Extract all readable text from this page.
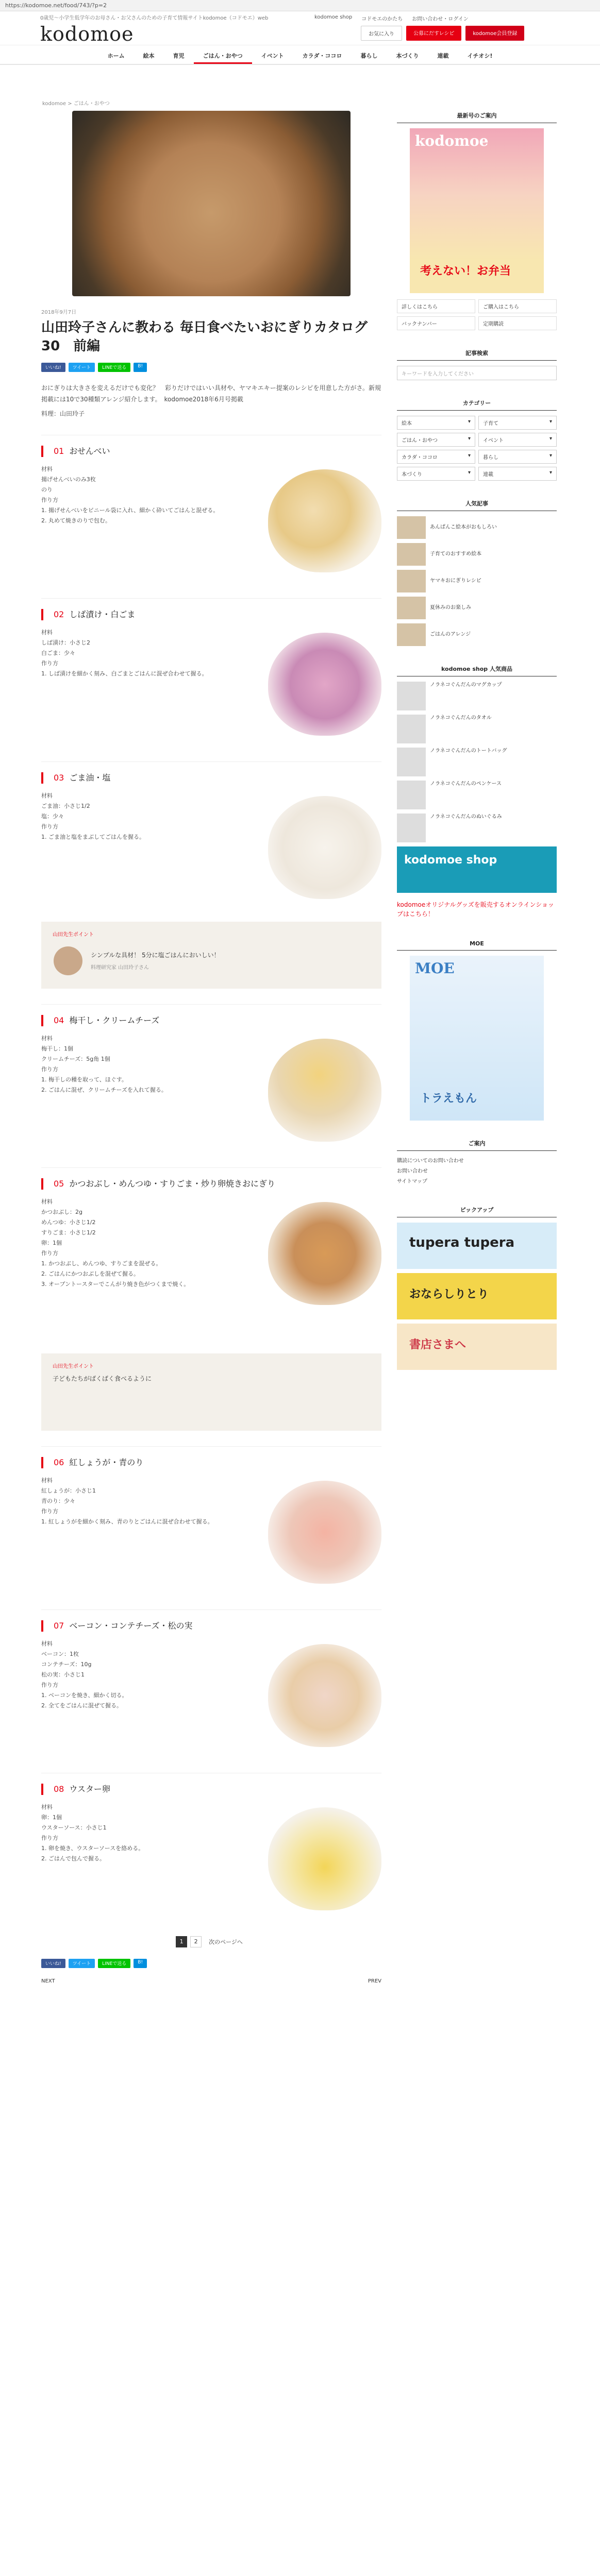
https://kodomoe.net/food/743/?p=2
0歳児〜小学生低学年のお母さん・お父さんのための子育て情報サイトkodomoe（コドモエ）web
kodomoe
kodomoe shop コドモエのかたち お問い合わせ・ログイン
お気に入り	公募にだすレシピ	kodomoe会員登録
ホーム	絵本	育児	ごはん・おやつ	イベント	カラダ・ココロ	暮らし	本づくり	連載	イチオシ!
kodomoe > ごはん・おやつ
2018年9月7日
山田玲子さんに教わる 毎日食べたいおにぎりカタログ30　前編
いいね!	ツイート	LINEで送る	B!

おにぎりは大きさを変えるだけでも変化？　彩りだけではいい具材や、ヤマキエキー提案のレシピを用意した方がさ。新規掲載には10で30種類アレンジ紹介します。　kodomoe2018年6月号掲載

料理：山田玲子

01 おせんべい
材料
揚げせんべいのみ3枚
のり
作り方
1. 揚げせんべいをビニール袋に入れ、細かく砕いてごはんと混ぜる。
2. 丸めて焼きのりで包む。
02 しば漬け・白ごま
材料
しば漬け：小さじ2
白ごま：少々
作り方
1. しば漬けを細かく刻み、白ごまとごはんに混ぜ合わせて握る。
03 ごま油・塩
材料
ごま油：小さじ1/2
塩：少々
作り方
1. ごま油と塩をまぶしてごはんを握る。
山田先生ポイント
シンプルな具材！ 5分に塩ごはんにおいしい！
料理研究家 山田玲子さん
04 梅干し・クリームチーズ
材料
梅干し：1個
クリームチーズ：5g角 1個
作り方
1. 梅干しの種を取って、ほぐす。
2. ごはんに混ぜ、クリームチーズを入れて握る。
05 かつおぶし・めんつゆ・すりごま・炒り卵焼きおにぎり
材料
かつおぶし：2g
めんつゆ：小さじ1/2
すりごま：小さじ1/2
卵：1個
作り方
1. かつおぶし、めんつゆ、すりごまを混ぜる。
2. ごはんにかつおぶしを混ぜて握る。
3. オーブントースターでこんがり焼き色がつくまで焼く。
山田先生ポイント
子どもたちがばくばく食べるように
06 紅しょうが・青のり
材料
紅しょうが：小さじ1
青のり：少々
作り方
1. 紅しょうがを細かく刻み、青のりとごはんに混ぜ合わせて握る。
07 ベーコン・コンテチーズ・松の実
材料
ベーコン：1枚
コンテチーズ：10g
松の実：小さじ1
作り方
1. ベーコンを焼き、細かく切る。
2. 全てをごはんに混ぜて握る。
08 ウスター卵
材料
卵：1個
ウスターソース：小さじ1
作り方
1. 卵を焼き、ウスターソースを絡める。
2. ごはんで包んで握る。
1	2	次のページへ
いいね!	ツイート	LINEで送る	B!
NEXT	PREV
最新号のご案内
kodomoe
考えない！お弁当
詳しくはこちら	ご購入はこちら
バックナンバー	定期購読
記事検索
キーワードを入力してください
カテゴリー
絵本	▾ 子育て	▾
ごはん・おやつ	▾ イベント	▾
カラダ・ココロ	▾ 暮らし	▾
本づくり	▾ 連載	▾
人気記事
あんぱんこ絵本がおもしろい
子育てのおすすめ絵本
ヤマキおにぎりレシピ
夏休みのお楽しみ
ごはんのアレンジ
kodomoe shop 人気商品
ノラネコぐんだんのマグカップ
ノラネコぐんだんのタオル
ノラネコぐんだんのトートバッグ
ノラネコぐんだんのペンケース
ノラネコぐんだんのぬいぐるみ
kodomoe shop
kodomoeオリジナルグッズを販売するオンラインショップはこちら！
MOE
MOE
トラえもん
ご案内
購読についてのお問い合わせ
お問い合わせ
サイトマップ
ピックアップ
tupera tupera
おならしりとり
書店さまへ
